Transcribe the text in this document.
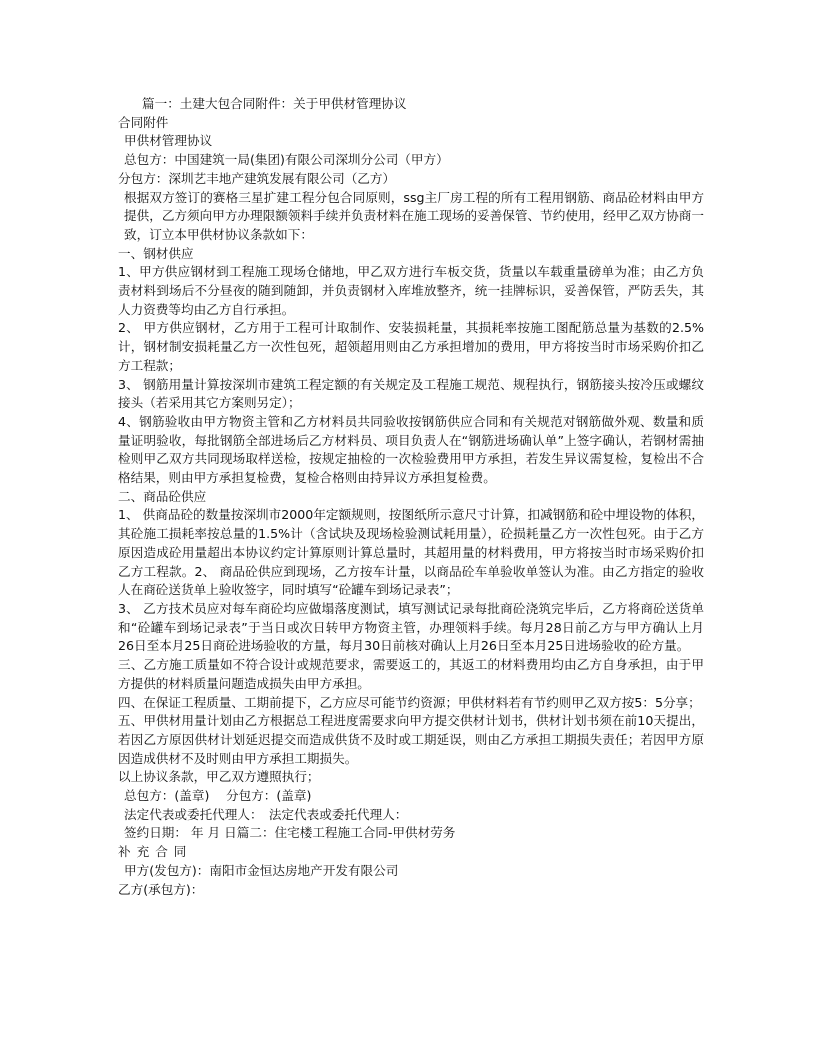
篇一：土建大包合同附件：关于甲供材管理协议
合同附件
甲供材管理协议
总包方：中国建筑一局(集团)有限公司深圳分公司（甲方）
分包方：深圳艺丰地产建筑发展有限公司（乙方）
根据双方签订的赛格三星扩建工程分包合同原则，ssg主厂房工程的所有工程用钢筋、商品砼材料由甲方提供，乙方须向甲方办理限额领料手续并负责材料在施工现场的妥善保管、节约使用，经甲乙双方协商一致，订立本甲供材协议条款如下：
一、钢材供应
1、甲方供应钢材到工程施工现场仓储地，甲乙双方进行车板交货，货量以车载重量磅单为准；由乙方负责材料到场后不分昼夜的随到随卸，并负责钢材入库堆放整齐，统一挂牌标识，妥善保管，严防丢失，其人力资费等均由乙方自行承担。
2、 甲方供应钢材，乙方用于工程可计取制作、安装损耗量，其损耗率按施工图配筋总量为基数的2.5%计，钢材制安损耗量乙方一次性包死，超领超用则由乙方承担增加的费用，甲方将按当时市场采购价扣乙方工程款；
3、 钢筋用量计算按深圳市建筑工程定额的有关规定及工程施工规范、规程执行，钢筋接头按冷压或螺纹接头（若采用其它方案则另定）；
4、钢筋验收由甲方物资主管和乙方材料员共同验收按钢筋供应合同和有关规范对钢筋做外观、数量和质量证明验收，每批钢筋全部进场后乙方材料员、项目负责人在“钢筋进场确认单”上签字确认，若钢材需抽检则甲乙双方共同现场取样送检，按规定抽检的一次检验费用甲方承担，若发生异议需复检，复检出不合格结果，则由甲方承担复检费，复检合格则由持异议方承担复检费。
二、商品砼供应
1、 供商品砼的数量按深圳市2000年定额规则，按图纸所示意尺寸计算，扣减钢筋和砼中埋设物的体积，其砼施工损耗率按总量的1.5%计（含试块及现场检验测试耗用量），砼损耗量乙方一次性包死。由于乙方原因造成砼用量超出本协议约定计算原则计算总量时，其超用量的材料费用，甲方将按当时市场采购价扣乙方工程款。2、 商品砼供应到现场，乙方按车计量，以商品砼车单验收单签认为准。由乙方指定的验收人在商砼送货单上验收签字，同时填写“砼罐车到场记录表”；
3、 乙方技术员应对每车商砼均应做塌落度测试，填写测试记录每批商砼浇筑完毕后，乙方将商砼送货单和“砼罐车到场记录表”于当日或次日转甲方物资主管，办理领料手续。每月28日前乙方与甲方确认上月26日至本月25日商砼进场验收的方量，每月30日前核对确认上月26日至本月25日进场验收的砼方量。
三、乙方施工质量如不符合设计或规范要求，需要返工的，其返工的材料费用均由乙方自身承担，由于甲方提供的材料质量问题造成损失由甲方承担。
四、在保证工程质量、工期前提下，乙方应尽可能节约资源；甲供材料若有节约则甲乙双方按5：5分享；
五、甲供材用量计划由乙方根据总工程进度需要求向甲方提交供材计划书，供材计划书须在前10天提出，若因乙方原因供材计划延迟提交而造成供货不及时或工期延误，则由乙方承担工期损失责任；若因甲方原因造成供材不及时则由甲方承担工期损失。
以上协议条款，甲乙双方遵照执行；
总包方：(盖章)　 分包方：(盖章)
法定代表或委托代理人：　法定代表或委托代理人：
签约日期： 年 月 日篇二：住宅楼工程施工合同-甲供材劳务
补充合同
甲方(发包方)：南阳市金恒达房地产开发有限公司
乙方(承包方)：
